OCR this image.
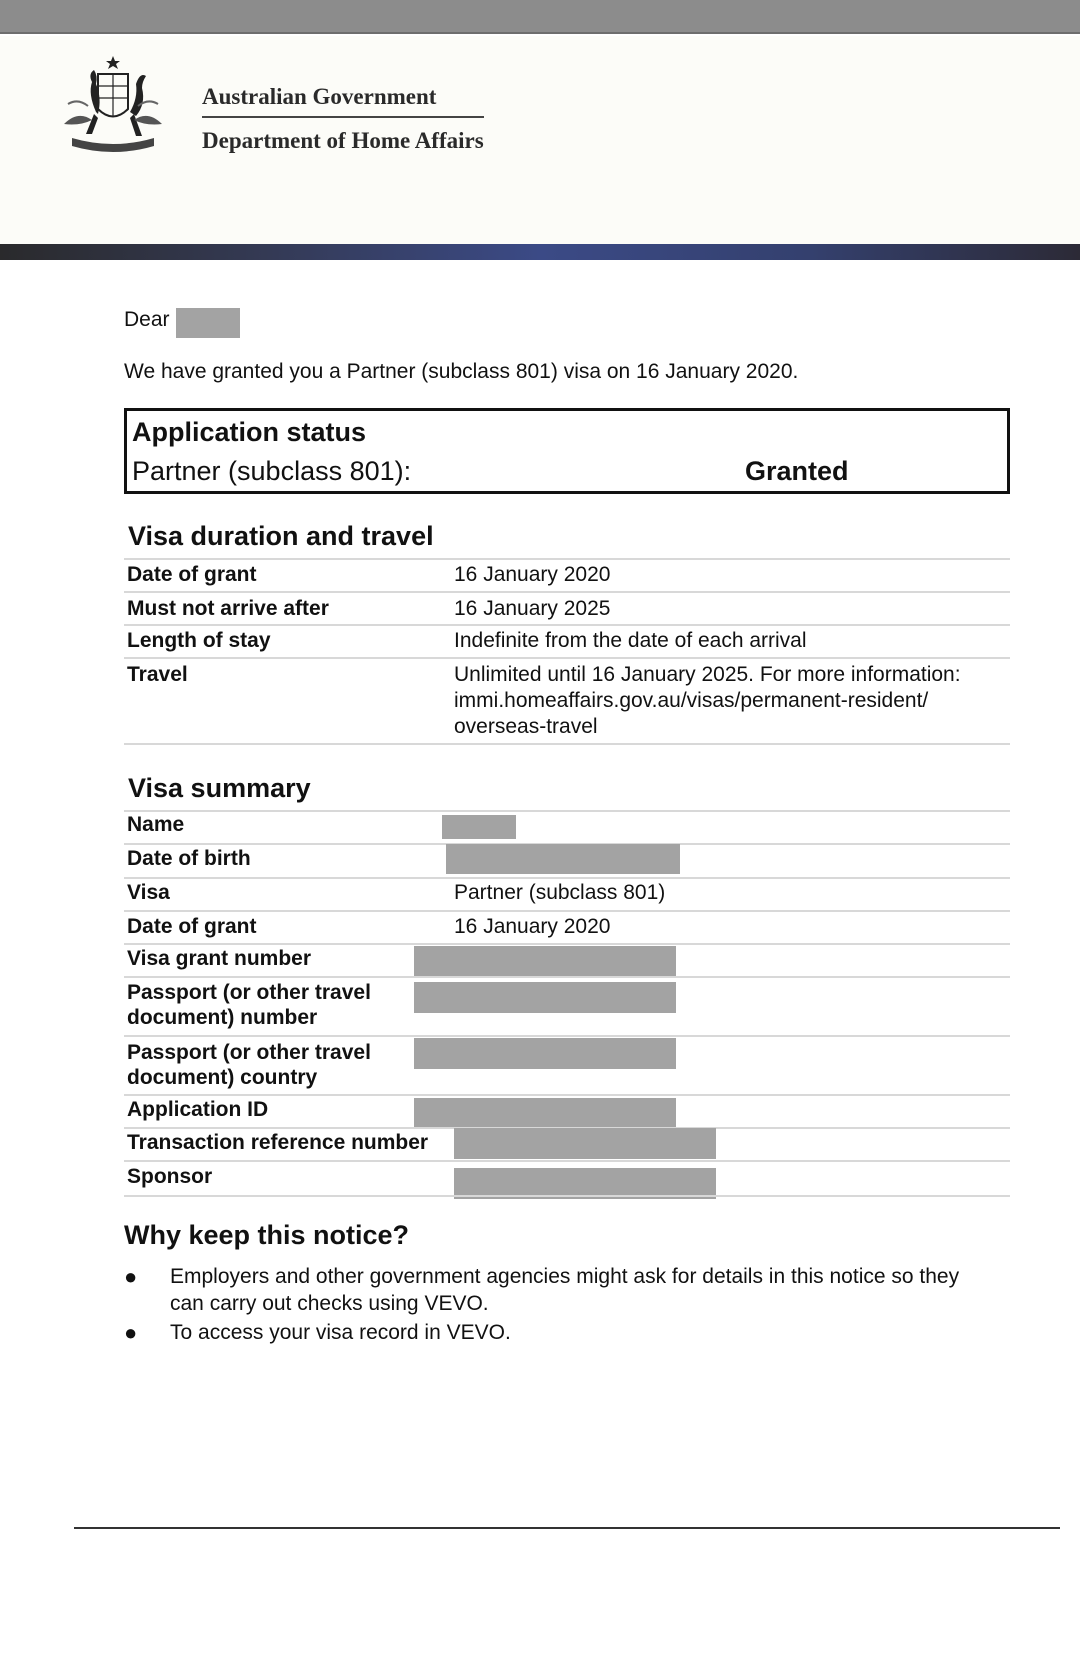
Australian Government
Department of Home Affairs
Dear
We have granted you a Partner (subclass 801) visa on 16 January 2020.
Application status
Partner (subclass 801):	Granted
Visa duration and travel
Date of grant	16 January 2020
Must not arrive after	16 January 2025
Length of stay	Indefinite from the date of each arrival
Travel	Unlimited until 16 January 2025. For more information:
immi.homeaffairs.gov.au/visas/permanent-resident/
overseas-travel
Visa summary
Name
Date of birth
Visa	Partner (subclass 801)
Date of grant	16 January 2020
Visa grant number
Passport (or other travel
document) number
Passport (or other travel
document) country
Application ID
Transaction reference number
Sponsor
Why keep this notice?
● Employers and other government agencies might ask for details in this notice so they
can carry out checks using VEVO.
● To access your visa record in VEVO.
